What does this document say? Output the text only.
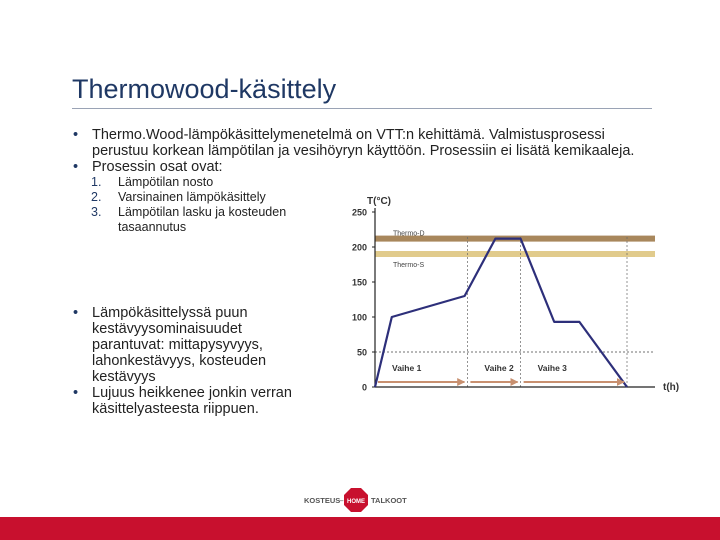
Thermowood-käsittely
• Thermo.Wood-lämpökäsittelymenetelmä on VTT:n kehittämä. Valmistusprosessi perustuu korkean lämpötilan ja vesihöyryn käyttöön. Prosessiin ei lisätä kemikaaleja.
• Prosessin osat ovat:
1. Lämpötilan nosto
2. Varsinainen lämpökäsittely
3. Lämpötilan lasku ja kosteuden tasaannutus
• Lämpökäsittelyssä puun kestävyysominaisuudet parantuvat: mittapysyvyys, lahonkestävyys, kosteuden kestävyys
• Lujuus heikkenee jonkin verran käsittelyasteesta riippuen.
Thermo-D
Thermo-S
0
50
100
150
200
250
T(°C)
t(h)
Vaihe 1	Vaihe 2	Vaihe 3
KOSTEUS
– HOME TALKOOT
